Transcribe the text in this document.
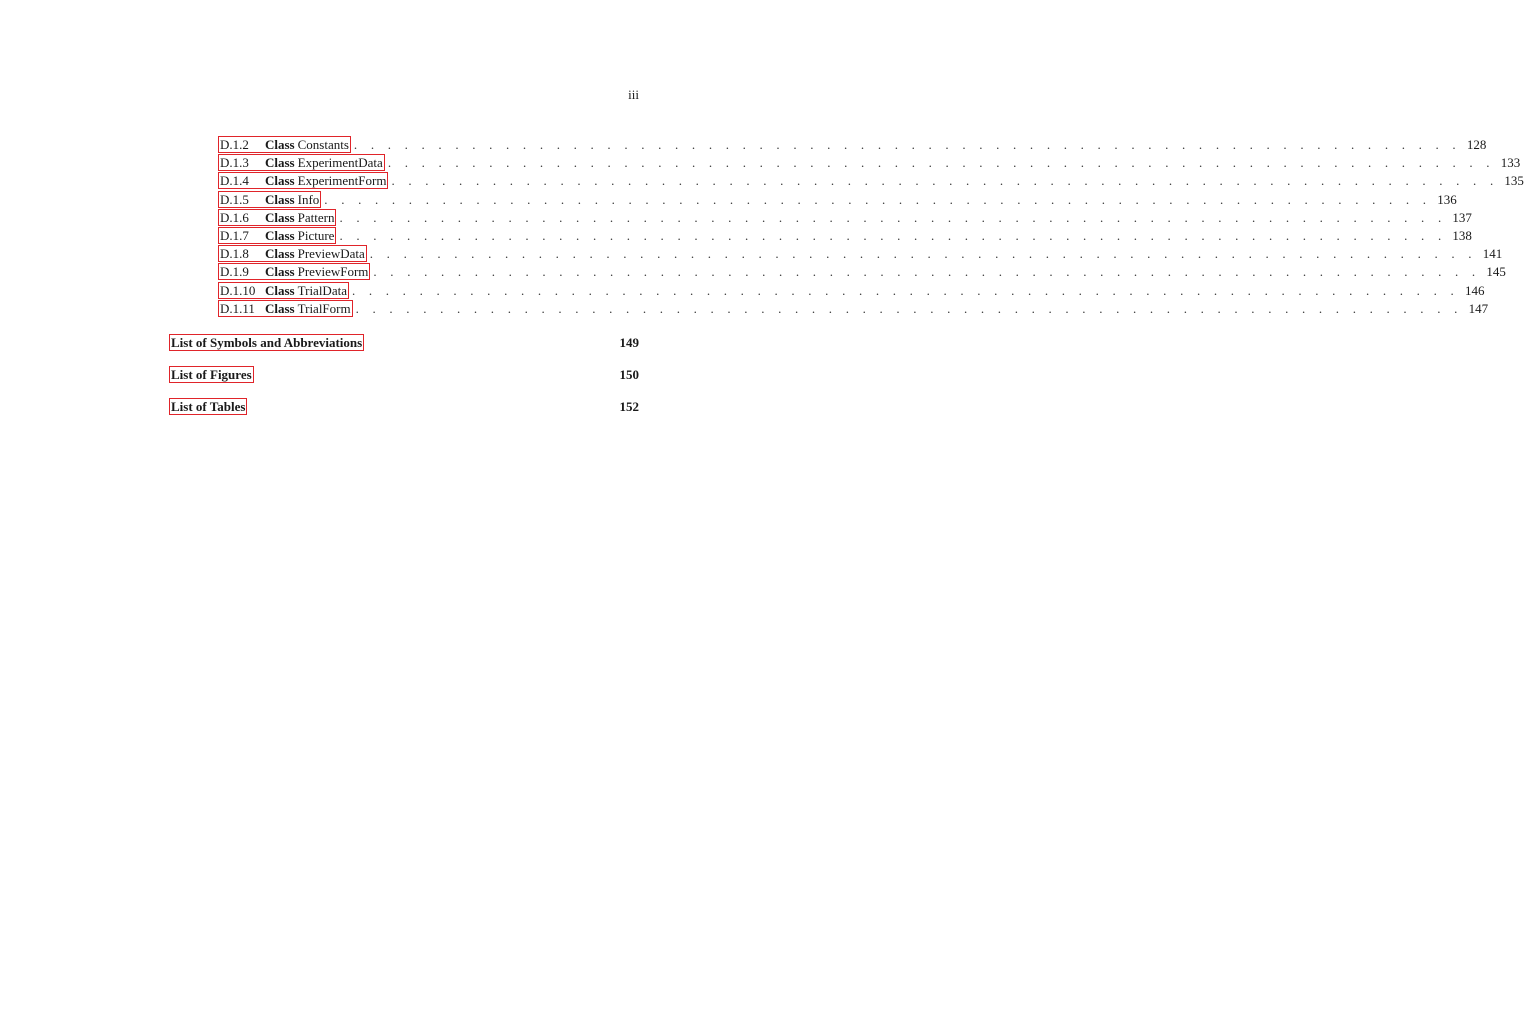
iii
D.1.2	Class Constants . . . . . . . . . . . . . . . . . . . . . . . . . . . . . . . . . . . . . . . . . . . . . . . . . . . . . . . . . . . . . . . . . . 128
D.1.3	Class ExperimentData . . . . . . . . . . . . . . . . . . . . . . . . . . . . . . . . . . . . . . . . . . . . . . . . . . . . . . . . . . . . . . . . . . 133
D.1.4	Class ExperimentForm . . . . . . . . . . . . . . . . . . . . . . . . . . . . . . . . . . . . . . . . . . . . . . . . . . . . . . . . . . . . . . . . . . 135
D.1.5	Class Info . . . . . . . . . . . . . . . . . . . . . . . . . . . . . . . . . . . . . . . . . . . . . . . . . . . . . . . . . . . . . . . . . . 136
D.1.6	Class Pattern . . . . . . . . . . . . . . . . . . . . . . . . . . . . . . . . . . . . . . . . . . . . . . . . . . . . . . . . . . . . . . . . . . 137
D.1.7	Class Picture . . . . . . . . . . . . . . . . . . . . . . . . . . . . . . . . . . . . . . . . . . . . . . . . . . . . . . . . . . . . . . . . . . 138
D.1.8	Class PreviewData . . . . . . . . . . . . . . . . . . . . . . . . . . . . . . . . . . . . . . . . . . . . . . . . . . . . . . . . . . . . . . . . . . 141
D.1.9	Class PreviewForm . . . . . . . . . . . . . . . . . . . . . . . . . . . . . . . . . . . . . . . . . . . . . . . . . . . . . . . . . . . . . . . . . . 145
D.1.10 Class TrialData . . . . . . . . . . . . . . . . . . . . . . . . . . . . . . . . . . . . . . . . . . . . . . . . . . . . . . . . . . . . . . . . . . 146
D.1.11 Class TrialForm . . . . . . . . . . . . . . . . . . . . . . . . . . . . . . . . . . . . . . . . . . . . . . . . . . . . . . . . . . . . . . . . . . 147
List of Symbols and Abbreviations	149
List of Figures	150
List of Tables	152
